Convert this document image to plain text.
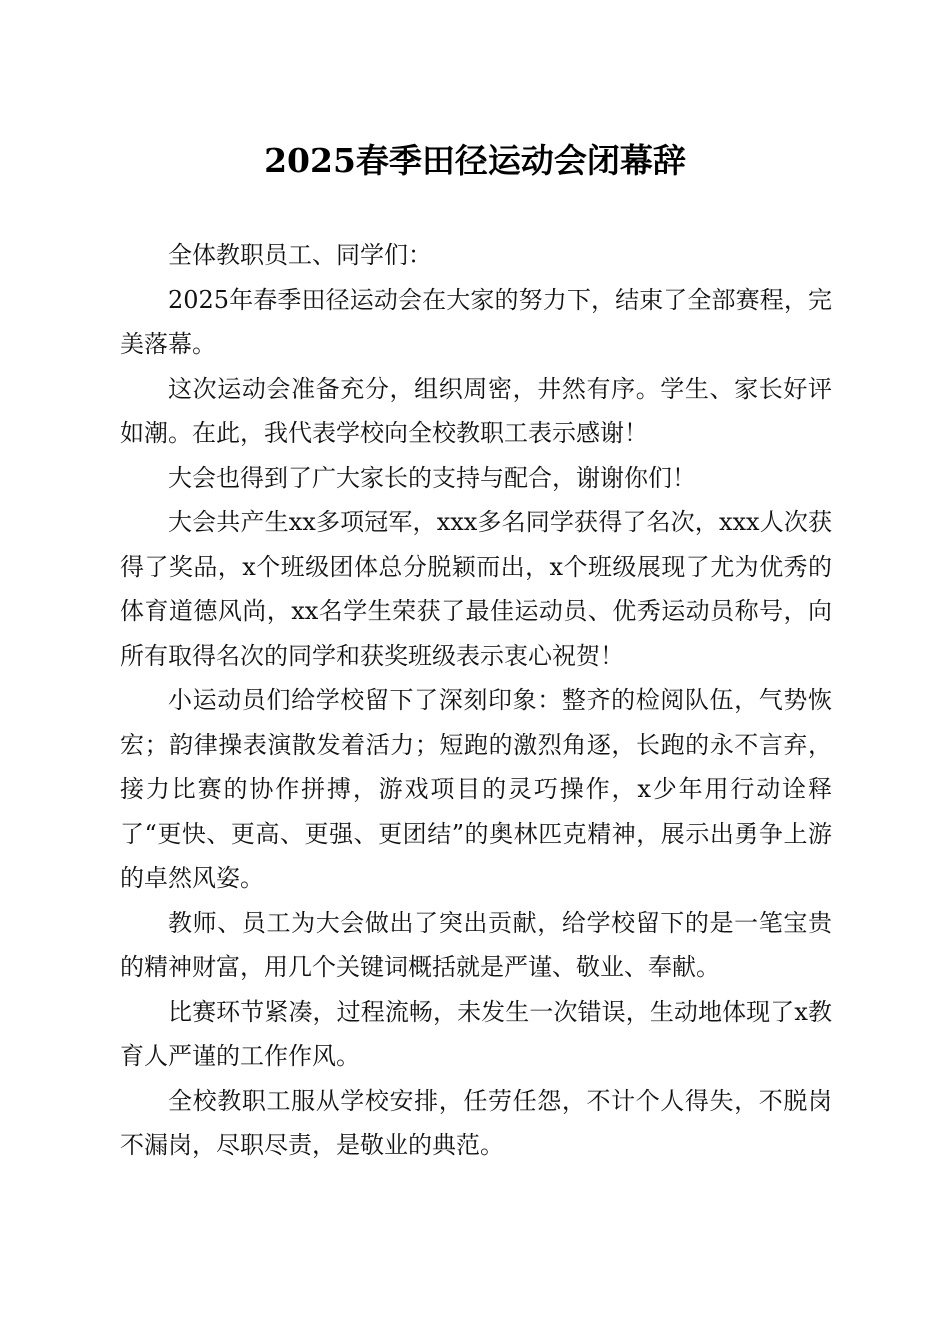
2025春季田径运动会闭幕辞

全体教职员工、同学们：

2025年春季田径运动会在大家的努力下，结束了全部赛程，完美落幕。

这次运动会准备充分，组织周密，井然有序。学生、家长好评如潮。在此，我代表学校向全校教职工表示感谢！

大会也得到了广大家长的支持与配合，谢谢你们！

大会共产生xx多项冠军，xxx多名同学获得了名次，xxx人次获得了奖品，x个班级团体总分脱颖而出，x个班级展现了尤为优秀的体育道德风尚，xx名学生荣获了最佳运动员、优秀运动员称号，向所有取得名次的同学和获奖班级表示衷心祝贺！

小运动员们给学校留下了深刻印象：整齐的检阅队伍，气势恢宏；韵律操表演散发着活力；短跑的激烈角逐，长跑的永不言弃，接力比赛的协作拼搏，游戏项目的灵巧操作，x少年用行动诠释了“更快、更高、更强、更团结”的奥林匹克精神，展示出勇争上游的卓然风姿。

教师、员工为大会做出了突出贡献，给学校留下的是一笔宝贵的精神财富，用几个关键词概括就是严谨、敬业、奉献。

比赛环节紧凑，过程流畅，未发生一次错误，生动地体现了x教育人严谨的工作作风。

全校教职工服从学校安排，任劳任怨，不计个人得失，不脱岗不漏岗，尽职尽责，是敬业的典范。
